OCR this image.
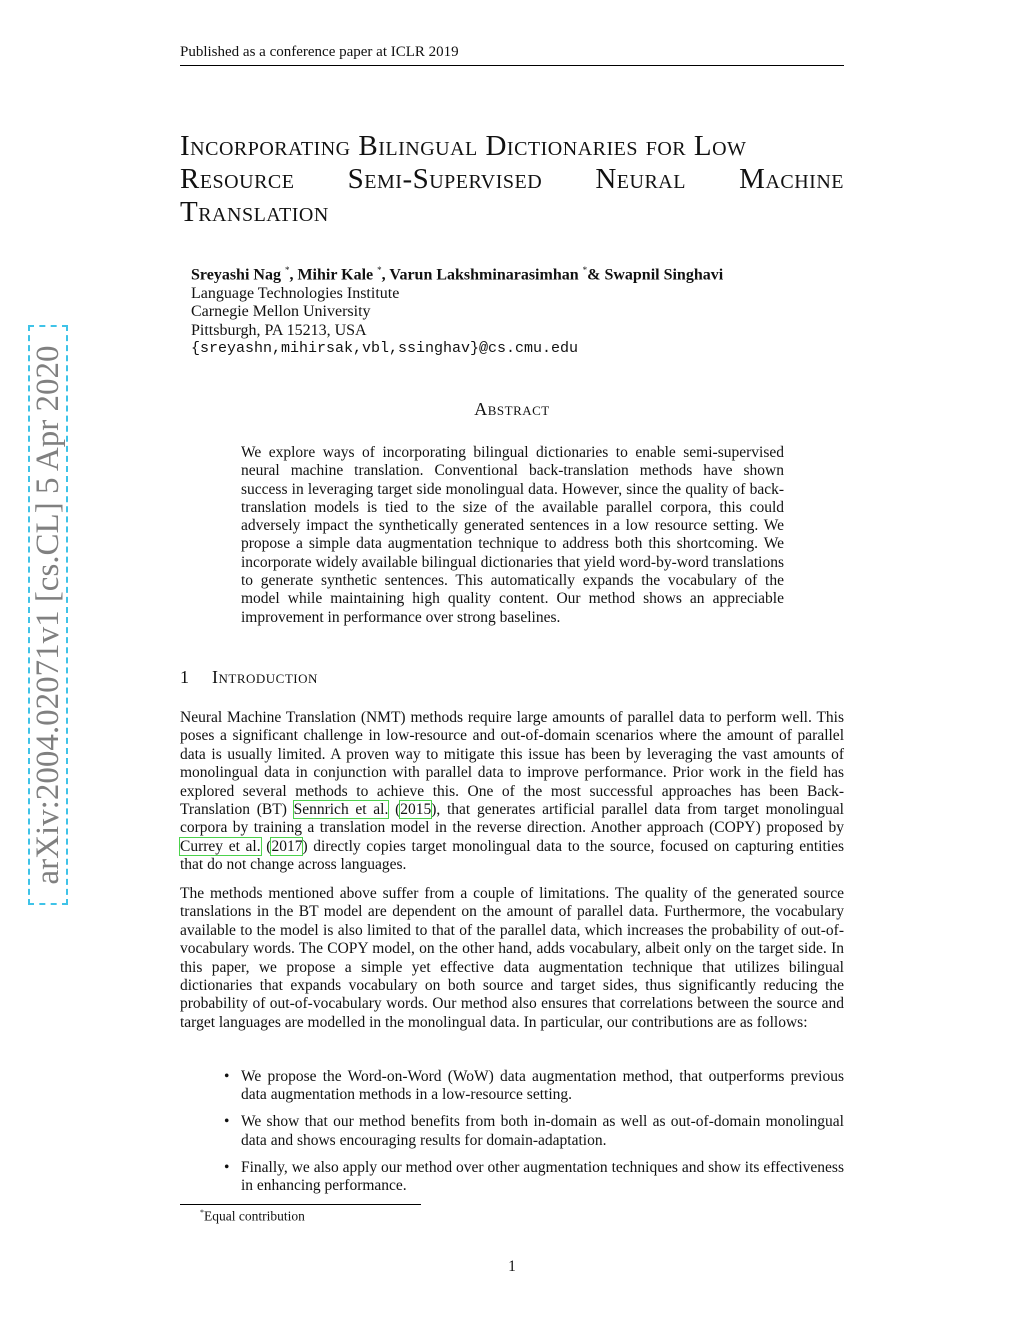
Published as a conference paper at ICLR 2019
arXiv:2004.02071v1 [cs.CL] 5 Apr 2020
Incorporating Bilingual Dictionaries for Low
Resource Semi-Supervised Neural Machine
Translation
Sreyashi Nag *, Mihir Kale *, Varun Lakshminarasimhan *& Swapnil Singhavi
Language Technologies Institute
Carnegie Mellon University
Pittsburgh, PA 15213, USA
{sreyashn,mihirsak,vbl,ssinghav}@cs.cmu.edu
Abstract
We explore ways of incorporating bilingual dictionaries to enable semi-supervised neural machine translation. Conventional back-translation methods have shown success in leveraging target side monolingual data. However, since the quality of back-translation models is tied to the size of the available parallel corpora, this could adversely impact the synthetically generated sentences in a low resource setting. We propose a simple data augmentation technique to address both this shortcoming. We incorporate widely available bilingual dictionaries that yield word-by-word translations to generate synthetic sentences. This automatically expands the vocabulary of the model while maintaining high quality content. Our method shows an appreciable improvement in performance over strong baselines.
1 Introduction
Neural Machine Translation (NMT) methods require large amounts of parallel data to perform well. This poses a significant challenge in low-resource and out-of-domain scenarios where the amount of parallel data is usually limited. A proven way to mitigate this issue has been by leveraging the vast amounts of monolingual data in conjunction with parallel data to improve performance. Prior work in the field has explored several methods to achieve this. One of the most successful approaches has been Back-Translation (BT) Sennrich et al. (2015), that generates artificial parallel data from target monolingual corpora by training a translation model in the reverse direction. Another approach (COPY) proposed by Currey et al. (2017) directly copies target monolingual data to the source, focused on capturing entities that do not change across languages.
The methods mentioned above suffer from a couple of limitations. The quality of the generated source translations in the BT model are dependent on the amount of parallel data. Furthermore, the vocabulary available to the model is also limited to that of the parallel data, which increases the probability of out-of-vocabulary words. The COPY model, on the other hand, adds vocabulary, albeit only on the target side. In this paper, we propose a simple yet effective data augmentation technique that utilizes bilingual dictionaries that expands vocabulary on both source and target sides, thus significantly reducing the probability of out-of-vocabulary words. Our method also ensures that correlations between the source and target languages are modelled in the monolingual data. In particular, our contributions are as follows:
• We propose the Word-on-Word (WoW) data augmentation method, that outperforms previous data augmentation methods in a low-resource setting.
• We show that our method benefits from both in-domain as well as out-of-domain monolingual data and shows encouraging results for domain-adaptation.
• Finally, we also apply our method over other augmentation techniques and show its effectiveness in enhancing performance.
*Equal contribution
1
